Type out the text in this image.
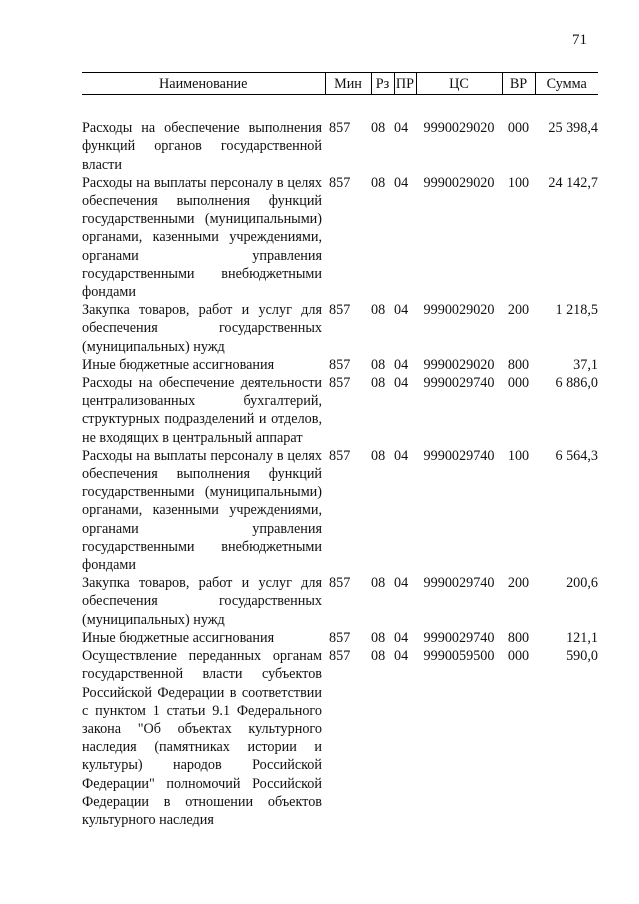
71
Наименование	Мин	Рз	ПР	ЦС	ВР	Сумма

Расходы на обеспечение выполнения функций органов государственной власти	857	08	04	9990029020	000	25 398,4
Расходы на выплаты персоналу в целях обеспечения выполнения функций государственными (муниципальными) органами, казенными учреждениями, органами управления государственными внебюджетными фондами	857	08	04	9990029020	100	24 142,7
Закупка товаров, работ и услуг для обеспечения государственных (муниципальных) нужд	857	08	04	9990029020	200	1 218,5
Иные бюджетные ассигнования	857	08	04	9990029020	800	37,1
Расходы на обеспечение деятельности централизованных бухгалтерий, структурных подразделений и отделов, не входящих в центральный аппарат	857	08	04	9990029740	000	6 886,0
Расходы на выплаты персоналу в целях обеспечения выполнения функций государственными (муниципальными) органами, казенными учреждениями, органами управления государственными внебюджетными фондами	857	08	04	9990029740	100	6 564,3
Закупка товаров, работ и услуг для обеспечения государственных (муниципальных) нужд	857	08	04	9990029740	200	200,6
Иные бюджетные ассигнования	857	08	04	9990029740	800	121,1
Осуществление переданных органам государственной власти субъектов Российской Федерации в соответствии с пунктом 1 статьи 9.1 Федерального закона "Об объектах культурного наследия (памятниках истории и культуры) народов Российской Федерации" полномочий Российской Федерации в отношении объектов культурного наследия	857	08	04	9990059500	000	590,0
